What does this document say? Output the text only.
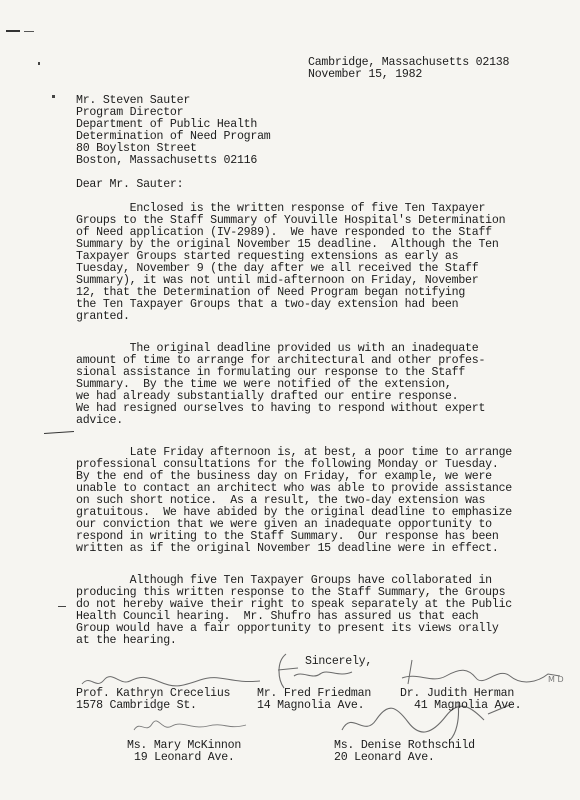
Cambridge, Massachusetts 02138
November 15, 1982
Mr. Steven Sauter
Program Director
Department of Public Health
Determination of Need Program
80 Boylston Street
Boston, Massachusetts 02116
Dear Mr. Sauter:
Enclosed is the written response of five Ten Taxpayer
Groups to the Staff Summary of Youville Hospital's Determination
of Need application (IV-2989).  We have responded to the Staff
Summary by the original November 15 deadline.  Although the Ten
Taxpayer Groups started requesting extensions as early as
Tuesday, November 9 (the day after we all received the Staff
Summary), it was not until mid-afternoon on Friday, November
12, that the Determination of Need Program began notifying
the Ten Taxpayer Groups that a two-day extension had been
granted.
The original deadline provided us with an inadequate
amount of time to arrange for architectural and other profes-
sional assistance in formulating our response to the Staff
Summary.  By the time we were notified of the extension,
we had already substantially drafted our entire response.
We had resigned ourselves to having to respond without expert
advice.
Late Friday afternoon is, at best, a poor time to arrange
professional consultations for the following Monday or Tuesday.
By the end of the business day on Friday, for example, we were
unable to contact an architect who was able to provide assistance
on such short notice.  As a result, the two-day extension was
gratuitous.  We have abided by the original deadline to emphasize
our conviction that we were given an inadequate opportunity to
respond in writing to the Staff Summary.  Our response has been
written as if the original November 15 deadline were in effect.
Although five Ten Taxpayer Groups have collaborated in
producing this written response to the Staff Summary, the Groups
do not hereby waive their right to speak separately at the Public
Health Council hearing.  Mr. Shufro has assured us that each
Group would have a fair opportunity to present its views orally
at the hearing.
Sincerely,
M D
Prof. Kathryn Crecelius
1578 Cambridge St.
Mr. Fred Friedman
14 Magnolia Ave.
Dr. Judith Herman
41 Magnolia Ave.
Ms. Mary McKinnon
19 Leonard Ave.
Ms. Denise Rothschild
20 Leonard Ave.
